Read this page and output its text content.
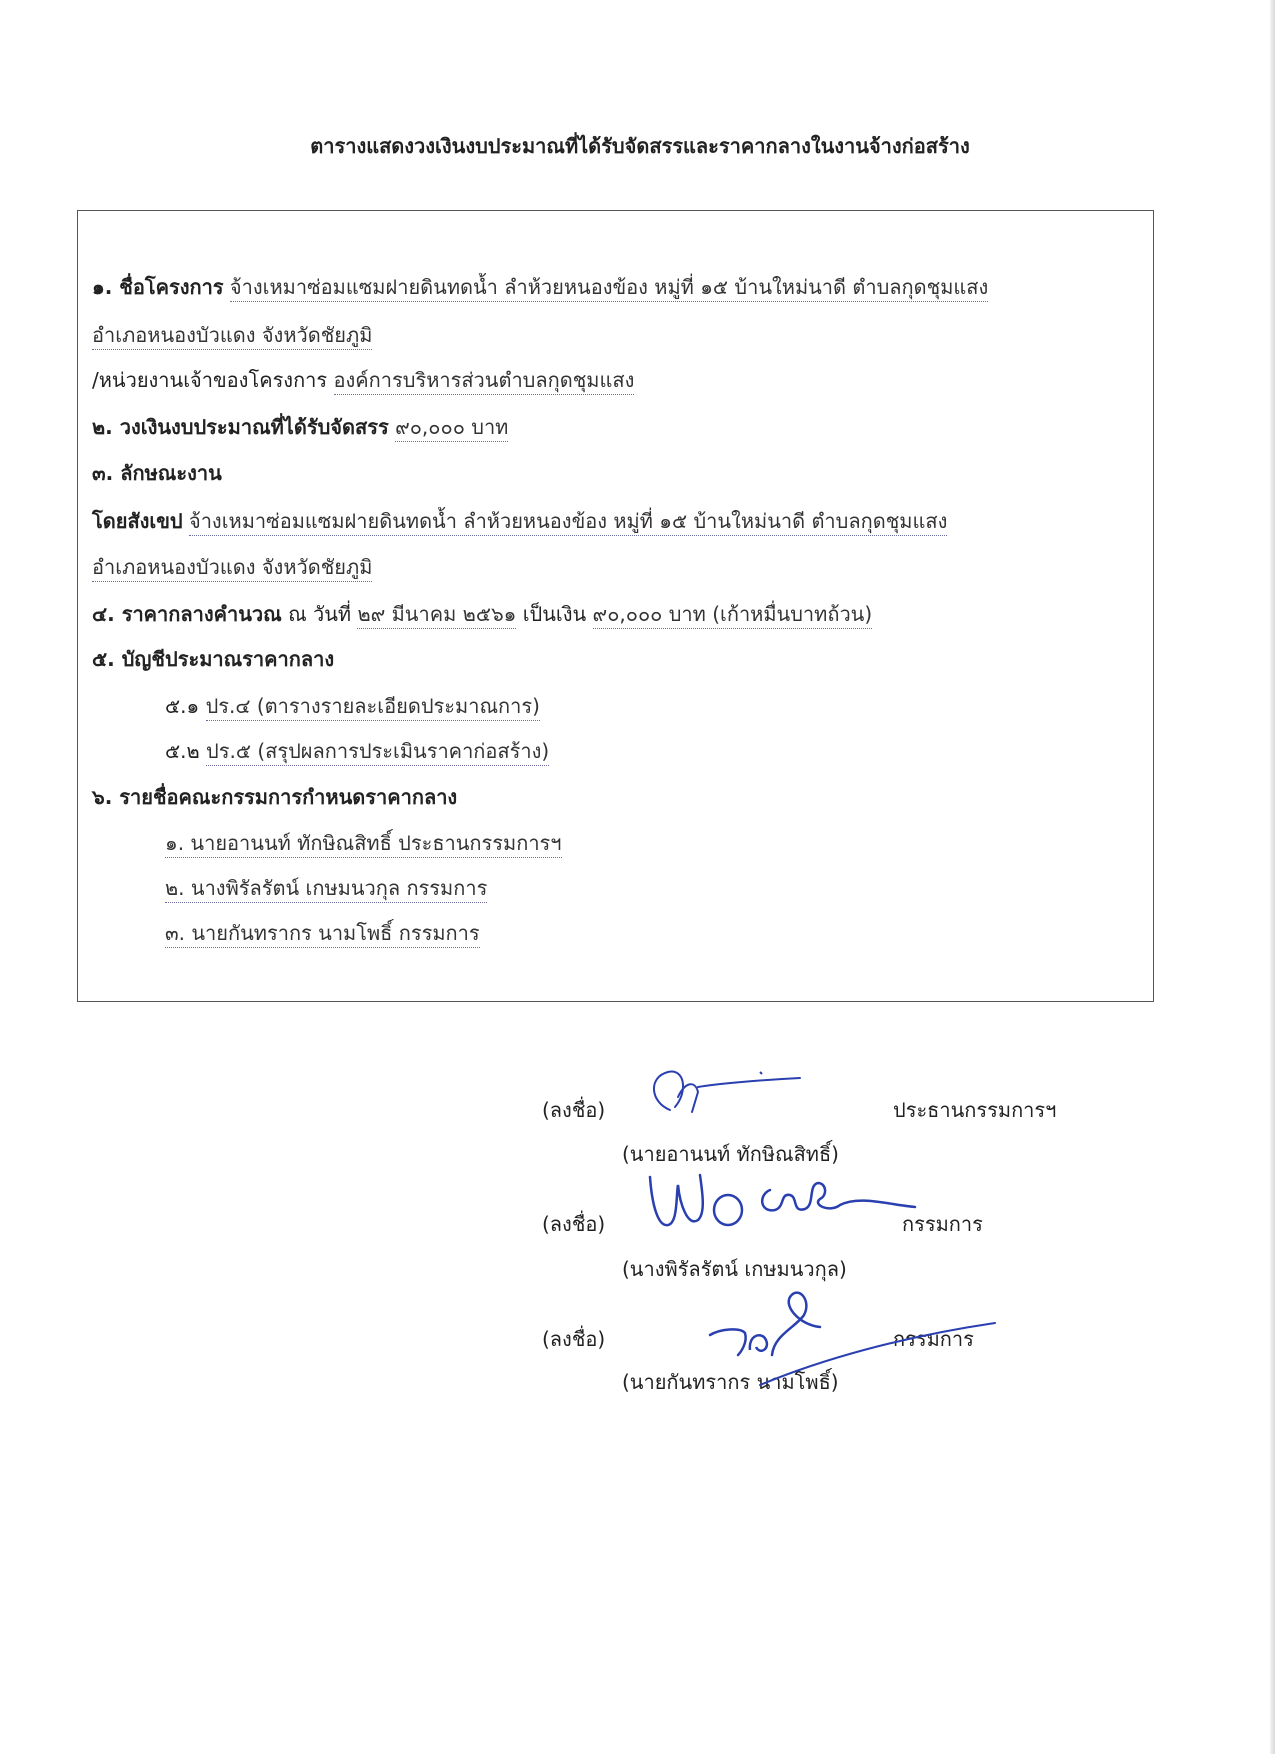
ตารางแสดงวงเงินงบประมาณที่ได้รับจัดสรรและราคากลางในงานจ้างก่อสร้าง
๑. ชื่อโครงการ จ้างเหมาซ่อมแซมฝายดินทดน้ำ ลำห้วยหนองข้อง หมู่ที่ ๑๕ บ้านใหม่นาดี ตำบลกุดชุมแสง
อำเภอหนองบัวแดง จังหวัดชัยภูมิ
/หน่วยงานเจ้าของโครงการ องค์การบริหารส่วนตำบลกุดชุมแสง
๒. วงเงินงบประมาณที่ได้รับจัดสรร ๙๐,๐๐๐ บาท
๓. ลักษณะงาน
โดยสังเขป จ้างเหมาซ่อมแซมฝายดินทดน้ำ ลำห้วยหนองข้อง หมู่ที่ ๑๕ บ้านใหม่นาดี ตำบลกุดชุมแสง
อำเภอหนองบัวแดง จังหวัดชัยภูมิ
๔. ราคากลางคำนวณ ณ วันที่ ๒๙ มีนาคม ๒๕๖๑ เป็นเงิน ๙๐,๐๐๐ บาท (เก้าหมื่นบาทถ้วน)
๕. บัญชีประมาณราคากลาง
๕.๑ ปร.๔ (ตารางรายละเอียดประมาณการ)
๕.๒ ปร.๕ (สรุปผลการประเมินราคาก่อสร้าง)
๖. รายชื่อคณะกรรมการกำหนดราคากลาง
๑. นายอานนท์ ทักษิณสิทธิ์ ประธานกรรมการฯ
๒. นางพิรัลรัตน์ เกษมนวกุล กรรมการ
๓. นายกันทรากร นามโพธิ์ กรรมการ
(ลงชื่อ)	ประธานกรรมการฯ
(นายอานนท์ ทักษิณสิทธิ์)
(ลงชื่อ)	กรรมการ
(นางพิรัลรัตน์ เกษมนวกุล)
(ลงชื่อ)	กรรมการ
(นายกันทรากร นามโพธิ์)
